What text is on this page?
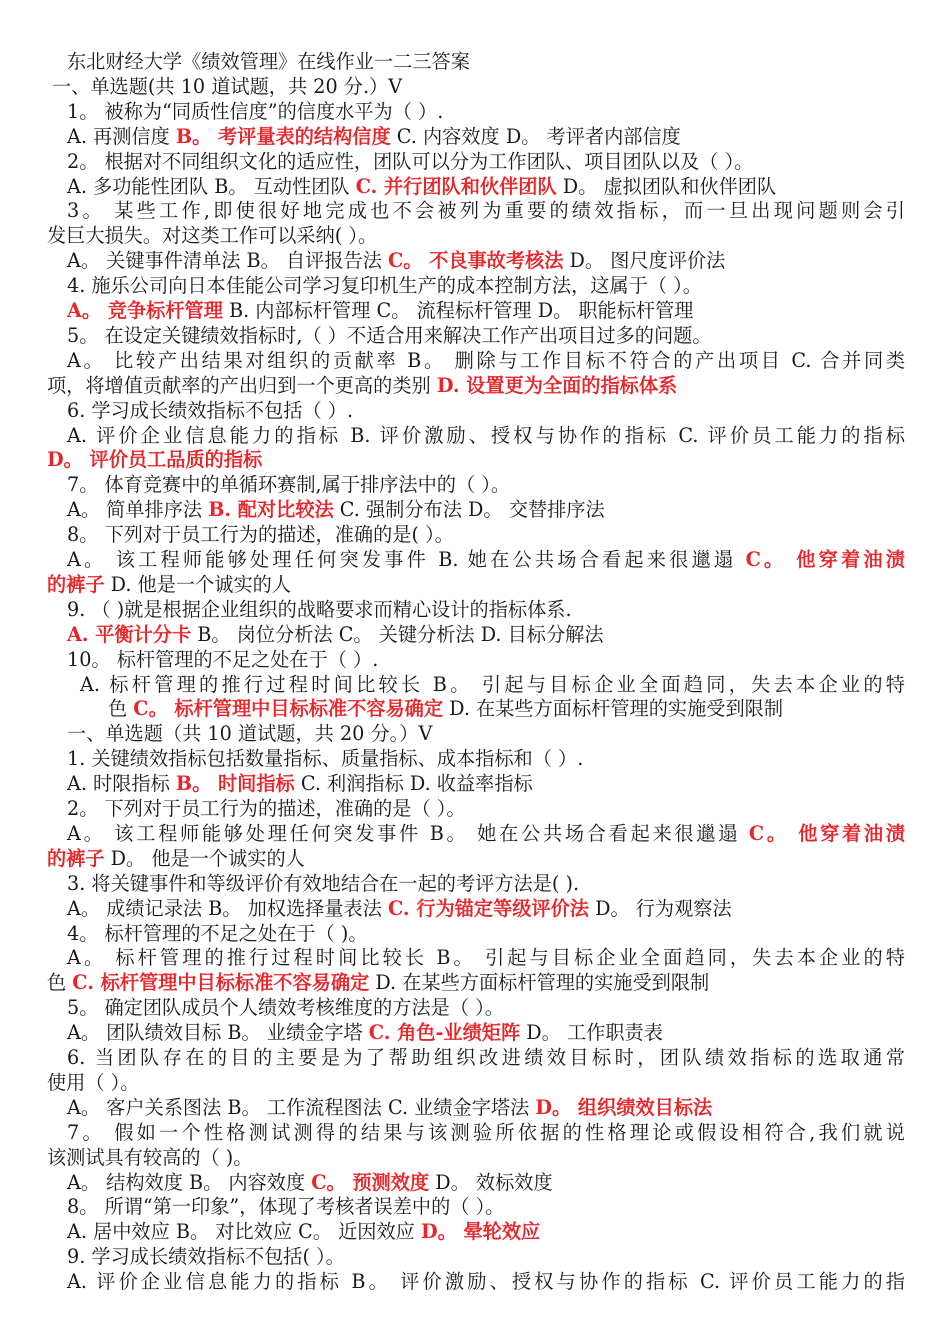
东北财经大学《绩效管理》在线作业一二三答案
一、单选题(共 10 道试题，共 20 分.）V
1。 被称为“同质性信度”的信度水平为（ ）.
A. 再测信度 B。 考评量表的结构信度 C. 内容效度 D。 考评者内部信度
2。 根据对不同组织文化的适应性，团队可以分为工作团队、项目团队以及（ ）。
A. 多功能性团队 B。 互动性团队 C. 并行团队和伙伴团队 D。 虚拟团队和伙伴团队
3。 某些工作,即使很好地完成也不会被列为重要的绩效指标，而一旦出现问题则会引
发巨大损失。对这类工作可以采纳( ）。
A。 关键事件清单法 B。 自评报告法 C。 不良事故考核法 D。 图尺度评价法
4. 施乐公司向日本佳能公司学习复印机生产的成本控制方法，这属于（ ）。
A。 竞争标杆管理 B. 内部标杆管理 C。 流程标杆管理 D。 职能标杆管理
5。 在设定关键绩效指标时,（ ）不适合用来解决工作产出项目过多的问题。
A。 比较产出结果对组织的贡献率 B。 删除与工作目标不符合的产出项目 C. 合并同类
项，将增值贡献率的产出归到一个更高的类别 D. 设置更为全面的指标体系
6. 学习成长绩效指标不包括（ ）.
A. 评价企业信息能力的指标 B. 评价激励、授权与协作的指标 C. 评价员工能力的指标
D。 评价员工品质的指标
7。 体育竞赛中的单循环赛制,属于排序法中的（ ）。
A。 简单排序法 B. 配对比较法 C. 强制分布法 D。 交替排序法
8。 下列对于员工行为的描述，准确的是( ）。
A。 该工程师能够处理任何突发事件 B. 她在公共场合看起来很邋遢 C。 他穿着油渍
的裤子 D. 他是一个诚实的人
9. （ )就是根据企业组织的战略要求而精心设计的指标体系.
A. 平衡计分卡 B。 岗位分析法 C。 关键分析法 D. 目标分解法
10。 标杆管理的不足之处在于（ ）.
A. 标杆管理的推行过程时间比较长 B。 引起与目标企业全面趋同，失去本企业的特
色 C。 标杆管理中目标标准不容易确定 D. 在某些方面标杆管理的实施受到限制
一、单选题（共 10 道试题，共 20 分。）V
1. 关键绩效指标包括数量指标、质量指标、成本指标和（ ）.
A. 时限指标 B。 时间指标 C. 利润指标 D. 收益率指标
2。 下列对于员工行为的描述，准确的是（ ）。
A。 该工程师能够处理任何突发事件 B。 她在公共场合看起来很邋遢 C。 他穿着油渍
的裤子 D。 他是一个诚实的人
3. 将关键事件和等级评价有效地结合在一起的考评方法是( ).
A。 成绩记录法 B。 加权选择量表法 C. 行为锚定等级评价法 D。 行为观察法
4。 标杆管理的不足之处在于（ )。
A。 标杆管理的推行过程时间比较长 B。 引起与目标企业全面趋同，失去本企业的特
色 C. 标杆管理中目标标准不容易确定 D. 在某些方面标杆管理的实施受到限制
5。 确定团队成员个人绩效考核维度的方法是（ ）。
A。 团队绩效目标 B。 业绩金字塔 C. 角色-业绩矩阵 D。 工作职责表
6. 当团队存在的目的主要是为了帮助组织改进绩效目标时，团队绩效指标的选取通常
使用（ ）。
A。 客户关系图法 B。 工作流程图法 C. 业绩金字塔法 D。 组织绩效目标法
7。 假如一个性格测试测得的结果与该测验所依据的性格理论或假设相符合,我们就说
该测试具有较高的（ )。
A。 结构效度 B。 内容效度 C。 预测效度 D。 效标效度
8。 所谓“第一印象”，体现了考核者误差中的（ ）。
A. 居中效应 B。 对比效应 C。 近因效应 D。 晕轮效应
9. 学习成长绩效指标不包括( ）。
A. 评价企业信息能力的指标 B。 评价激励、授权与协作的指标 C. 评价员工能力的指
